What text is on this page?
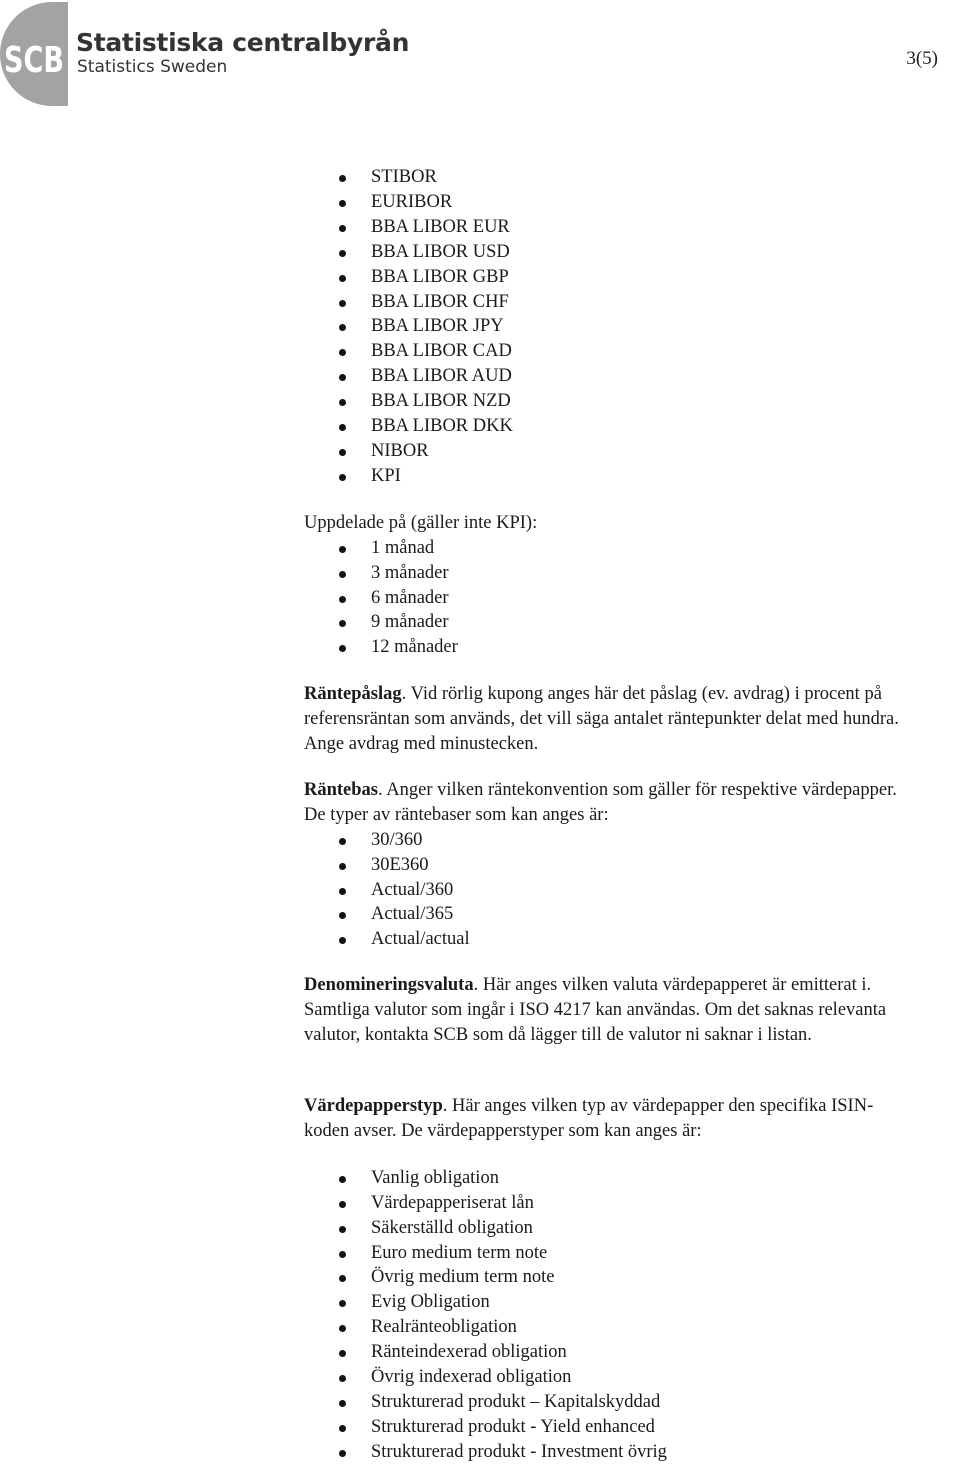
SCB Statistiska centralbyrån
Statistics Sweden	3(5)
STIBOR
EURIBOR
BBA LIBOR EUR
BBA LIBOR USD
BBA LIBOR GBP
BBA LIBOR CHF
BBA LIBOR JPY
BBA LIBOR CAD
BBA LIBOR AUD
BBA LIBOR NZD
BBA LIBOR DKK
NIBOR
KPI

Uppdelade på (gäller inte KPI):

1 månad
3 månader
6 månader
9 månader
12 månader

Räntepåslag. Vid rörlig kupong anges här det påslag (ev. avdrag) i procent på
referensräntan som används, det vill säga antalet räntepunkter delat med hundra.
Ange avdrag med minustecken.

Räntebas. Anger vilken räntekonvention som gäller för respektive värdepapper.
De typer av räntebaser som kan anges är:

30/360
30E360
Actual/360
Actual/365
Actual/actual

Denomineringsvaluta. Här anges vilken valuta värdepapperet är emitterat i.
Samtliga valutor som ingår i ISO 4217 kan användas. Om det saknas relevanta
valutor, kontakta SCB som då lägger till de valutor ni saknar i listan.

Värdepapperstyp. Här anges vilken typ av värdepapper den specifika ISIN-
koden avser. De värdepapperstyper som kan anges är:

Vanlig obligation
Värdepapperiserat lån
Säkerställd obligation
Euro medium term note
Övrig medium term note
Evig Obligation
Realränteobligation
Ränteindexerad obligation
Övrig indexerad obligation
Strukturerad produkt – Kapitalskyddad
Strukturerad produkt - Yield enhanced
Strukturerad produkt - Investment övrig
